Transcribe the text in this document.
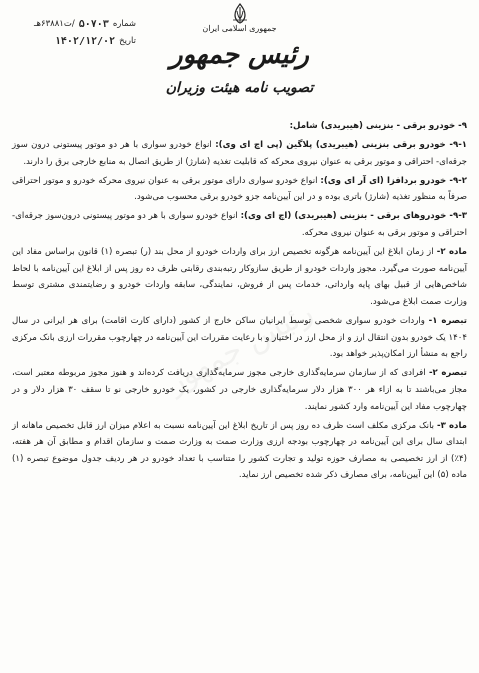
شماره
۵۰۷۰۳
/ت۶۳۸۸۱هـ
تاریخ
۱۴۰۲/۱۲/۰۲
جمهوری اسلامی ایران
رئیس جمهور
تصویب نامه هیئت وزیران

۹- خودرو برقی - بنزینی (هیبریدی) شامل:

۹-۱- خودرو برقی بنزینی (هیبریدی) پلاگین (پی اچ ای وی): انواع خودرو سواری با هر دو موتور پیستونی درون سوز جرقه‌ای- احتراقی و موتور برقی به عنوان نیروی محرکه که قابلیت تغذیه (شارژ) از طریق اتصال به منابع خارجی برق را دارند.

۹-۲- خودرو بردافزا (ای آر ای وی): انواع خودرو سواری دارای موتور برقی به عنوان نیروی محرکه خودرو و موتور احتراقی صرفاً به منظور تغذیه (شارژ) باتری بوده و در این آیین‌نامه جزو خودرو برقی محسوب می‌شود.

۹-۳- خودروهای برقی - بنزینی (هیبریدی) (اچ ای وی): انواع خودرو سواری با هر دو موتور پیستونی درون‌سوز جرقه‌ای- احتراقی و موتور برقی به عنوان نیروی محرکه.

ماده ۲- از زمان ابلاغ این آیین‌نامه هرگونه تخصیص ارز برای واردات خودرو از محل بند (ر) تبصره (۱) قانون براساس مفاد این آیین‌نامه صورت می‌گیرد. مجوز واردات خودرو از طریق سازوکار رتبه‌بندی رقابتی ظرف ده روز پس از ابلاغ این آیین‌نامه با لحاظ شاخص‌هایی از قبیل بهای پایه وارداتی، خدمات پس از فروش، نمایندگی، سابقه واردات خودرو و رضایتمندی مشتری توسط وزارت صمت ابلاغ می‌شود.

تبصره ۱- واردات خودرو سواری شخصی توسط ایرانیان ساکن خارج از کشور (دارای کارت اقامت) برای هر ایرانی در سال ۱۴۰۴ یک خودرو بدون انتقال ارز و از محل ارز در اختیار و با رعایت مقررات این آیین‌نامه در چهارچوب مقررات ارزی بانک مرکزی راجع به منشأ ارز امکان‌پذیر خواهد بود.

تبصره ۲- افرادی که از سازمان سرمایه‌گذاری خارجی مجوز سرمایه‌گذاری دریافت کرده‌اند و هنوز مجوز مربوطه معتبر است، مجاز می‌باشند تا به ازاء هر ۳۰۰ هزار دلار سرمایه‌گذاری خارجی در کشور، یک خودرو خارجی نو تا سقف ۳۰ هزار دلار و در چهارچوب مفاد این آیین‌نامه وارد کشور نمایند.

ماده ۳- بانک مرکزی مکلف است ظرف ده روز پس از تاریخ ابلاغ این آیین‌نامه نسبت به اعلام میزان ارز قابل تخصیص ماهانه از ابتدای سال برای این آیین‌نامه در چهارچوب بودجه ارزی وزارت صمت به وزارت صمت و سازمان اقدام و مطابق آن هر هفته، (۴٪) از ارز تخصیصی به مصارف حوزه تولید و تجارت کشور را متناسب با تعداد خودرو در هر ردیف جدول موضوع تبصره (۱) ماده (۵) این آیین‌نامه، برای مصارف ذکر شده تخصیص ارز نماید.
